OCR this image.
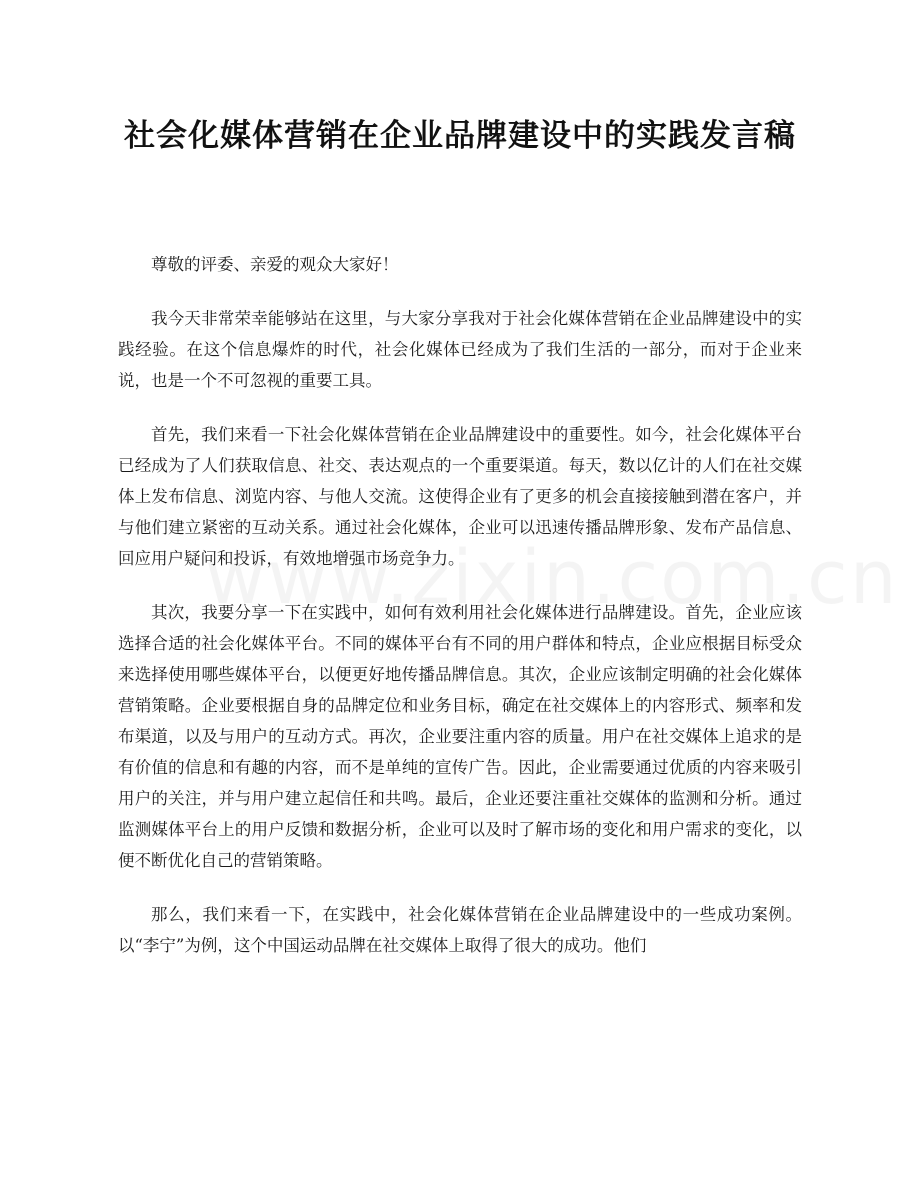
社会化媒体营销在企业品牌建设中的实践发言稿

尊敬的评委、亲爱的观众大家好！

我今天非常荣幸能够站在这里，与大家分享我对于社会化媒体营销在企业品牌建设中的实践经验。在这个信息爆炸的时代，社会化媒体已经成为了我们生活的一部分，而对于企业来说，也是一个不可忽视的重要工具。

首先，我们来看一下社会化媒体营销在企业品牌建设中的重要性。如今，社会化媒体平台已经成为了人们获取信息、社交、表达观点的一个重要渠道。每天，数以亿计的人们在社交媒体上发布信息、浏览内容、与他人交流。这使得企业有了更多的机会直接接触到潜在客户，并与他们建立紧密的互动关系。通过社会化媒体，企业可以迅速传播品牌形象、发布产品信息、回应用户疑问和投诉，有效地增强市场竞争力。

其次，我要分享一下在实践中，如何有效利用社会化媒体进行品牌建设。首先，企业应该选择合适的社会化媒体平台。不同的媒体平台有不同的用户群体和特点，企业应根据目标受众来选择使用哪些媒体平台，以便更好地传播品牌信息。其次，企业应该制定明确的社会化媒体营销策略。企业要根据自身的品牌定位和业务目标，确定在社交媒体上的内容形式、频率和发布渠道，以及与用户的互动方式。再次，企业要注重内容的质量。用户在社交媒体上追求的是有价值的信息和有趣的内容，而不是单纯的宣传广告。因此，企业需要通过优质的内容来吸引用户的关注，并与用户建立起信任和共鸣。最后，企业还要注重社交媒体的监测和分析。通过监测媒体平台上的用户反馈和数据分析，企业可以及时了解市场的变化和用户需求的变化，以便不断优化自己的营销策略。

那么，我们来看一下，在实践中，社会化媒体营销在企业品牌建设中的一些成功案例。以“李宁”为例，这个中国运动品牌在社交媒体上取得了很大的成功。他们
